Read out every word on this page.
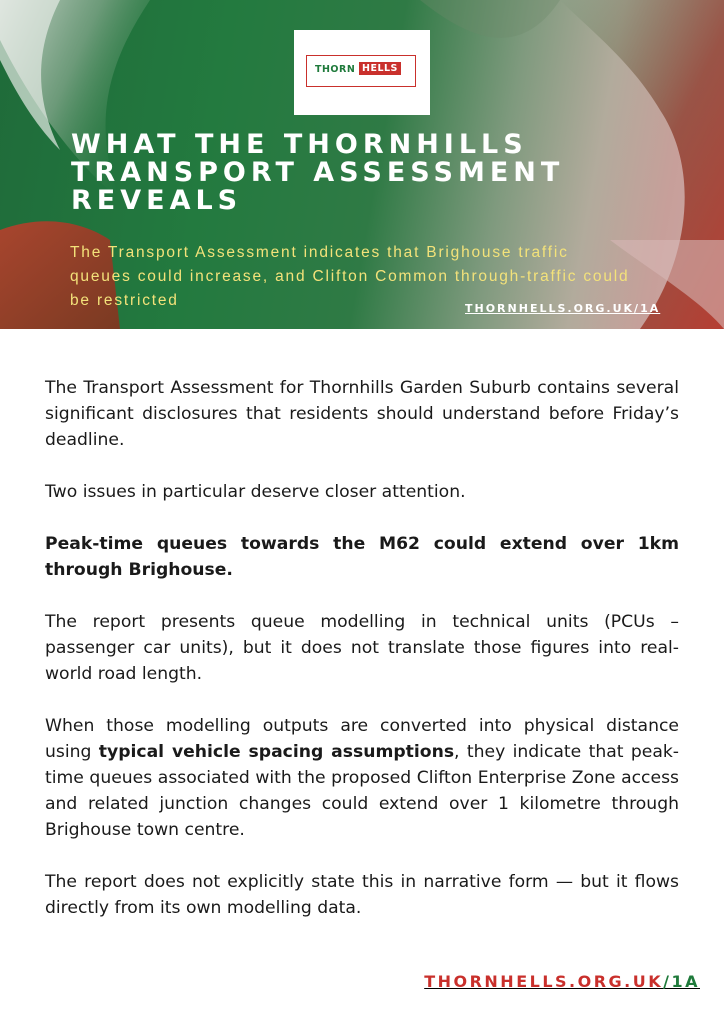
THORN HELLS
WHAT THE THORNHILLS TRANSPORT ASSESSMENT REVEALS

The Transport Assessment indicates that Brighouse traffic queues could increase, and Clifton Common through-traffic could be restricted	THORNHELLS.ORG.UK/1A

The Transport Assessment for Thornhills Garden Suburb contains several significant disclosures that residents should understand before Friday’s deadline.

Two issues in particular deserve closer attention.

Peak-time queues towards the M62 could extend over 1km through Brighouse.

The report presents queue modelling in technical units (PCUs – passenger car units), but it does not translate those figures into real-world road length.

When those modelling outputs are converted into physical distance using typical vehicle spacing assumptions, they indicate that peak-time queues associated with the proposed Clifton Enterprise Zone access and related junction changes could extend over 1 kilometre through Brighouse town centre.

The report does not explicitly state this in narrative form — but it flows directly from its own modelling data.

THORNHELLS.ORG.UK/1A
